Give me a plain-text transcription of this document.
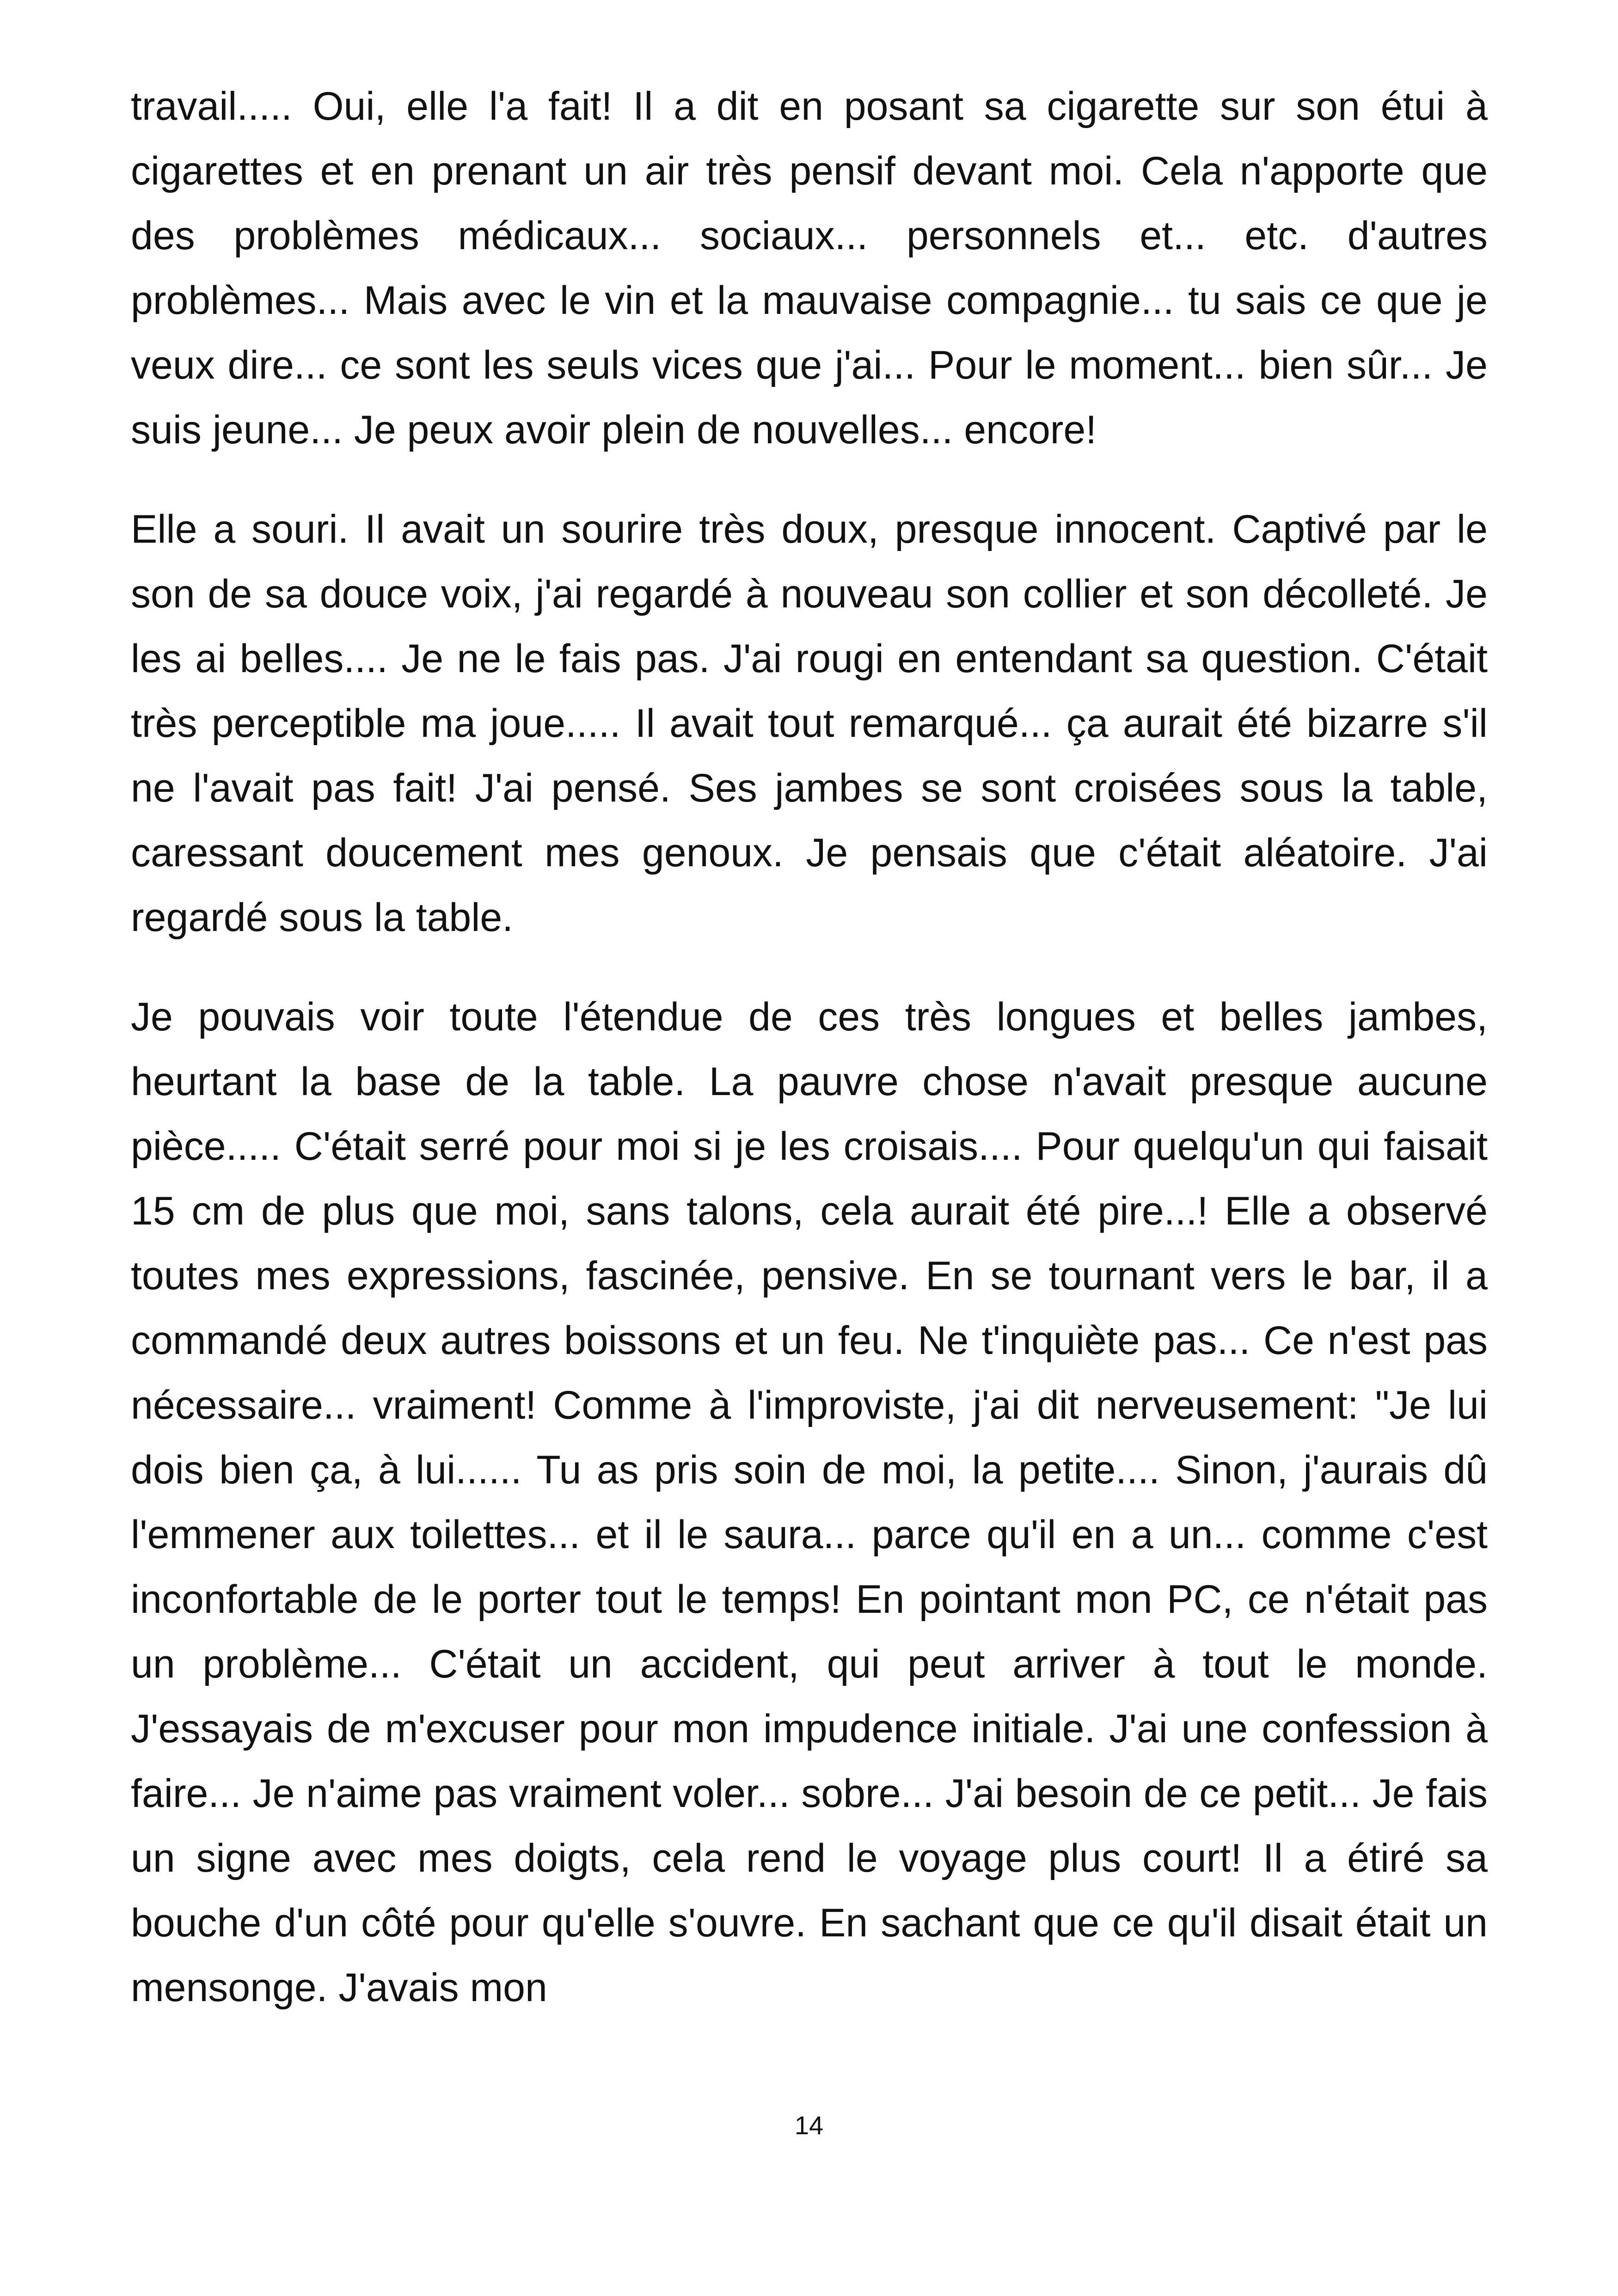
travail..... Oui, elle l'a fait! Il a dit en posant sa cigarette sur son étui à cigarettes et en prenant un air très pensif devant moi. Cela n'apporte que des problèmes médicaux... sociaux... personnels et... etc. d'autres problèmes... Mais avec le vin et la mauvaise compagnie... tu sais ce que je veux dire... ce sont les seuls vices que j'ai... Pour le moment... bien sûr... Je suis jeune... Je peux avoir plein de nouvelles... encore!

Elle a souri. Il avait un sourire très doux, presque innocent. Captivé par le son de sa douce voix, j'ai regardé à nouveau son collier et son décolleté. Je les ai belles.... Je ne le fais pas. J'ai rougi en entendant sa question. C'était très perceptible ma joue..... Il avait tout remarqué... ça aurait été bizarre s'il ne l'avait pas fait! J'ai pensé. Ses jambes se sont croisées sous la table, caressant doucement mes genoux. Je pensais que c'était aléatoire. J'ai regardé sous la table.

Je pouvais voir toute l'étendue de ces très longues et belles jambes, heurtant la base de la table. La pauvre chose n'avait presque aucune pièce..... C'était serré pour moi si je les croisais.... Pour quelqu'un qui faisait 15 cm de plus que moi, sans talons, cela aurait été pire...! Elle a observé toutes mes expressions, fascinée, pensive. En se tournant vers le bar, il a commandé deux autres boissons et un feu. Ne t'inquiète pas... Ce n'est pas nécessaire... vraiment! Comme à l'improviste, j'ai dit nerveusement: "Je lui dois bien ça, à lui...... Tu as pris soin de moi, la petite.... Sinon, j'aurais dû l'emmener aux toilettes... et il le saura... parce qu'il en a un... comme c'est inconfortable de le porter tout le temps! En pointant mon PC, ce n'était pas un problème... C'était un accident, qui peut arriver à tout le monde. J'essayais de m'excuser pour mon impudence initiale. J'ai une confession à faire... Je n'aime pas vraiment voler... sobre... J'ai besoin de ce petit... Je fais un signe avec mes doigts, cela rend le voyage plus court! Il a étiré sa bouche d'un côté pour qu'elle s'ouvre. En sachant que ce qu'il disait était un mensonge. J'avais mon

14
